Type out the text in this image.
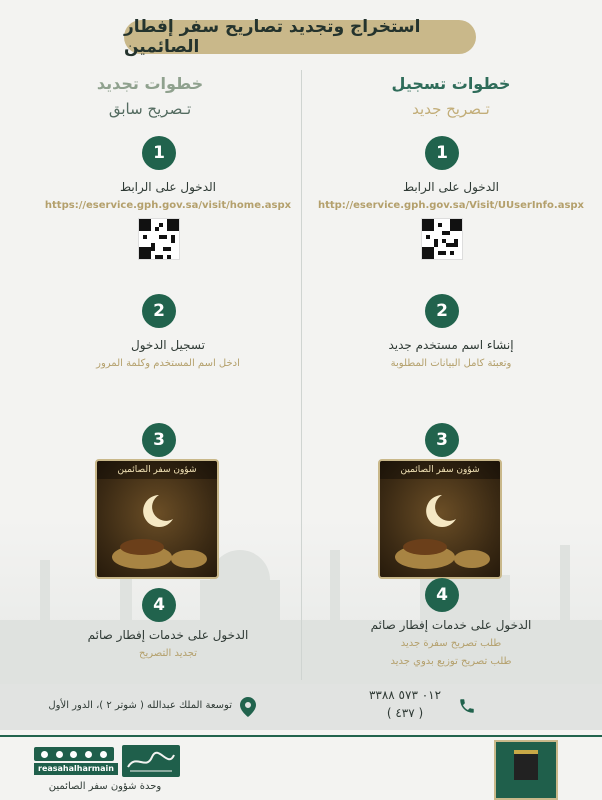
استخراج وتجديد تصاريح سفر إفطار الصائمين
خطوات تسجيل
تـصريح جديد
1
الدخول على الرابط
http://eservice.gph.gov.sa/Visit/UUserInfo.aspx
2
إنشاء اسم مستخدم جديد
وتعبئة كامل البيانات المطلوبة
3
شؤون سفر الصائمين
4
الدخول على خدمات إفطار صائم
طلب تصريح سفرة جديد
طلب تصريح توزيع بدوي جديد
خطوات تجديد
تـصريح سابق
1
الدخول على الرابط
https://eservice.gph.gov.sa/visit/home.aspx
2
تسجيل الدخول
ادخل اسم المستخدم وكلمة المرور
3
شؤون سفر الصائمين
4
الدخول على خدمات إفطار صائم
تجديد التصريح
٠١٢ ٥٧٣ ٣٣٨٨
( ٤٣٧ )
توسعة الملك عبدالله ( شوتر ٢ )، الدور الأول
reasahalharmain
وحدة شؤون سفر الصائمين
